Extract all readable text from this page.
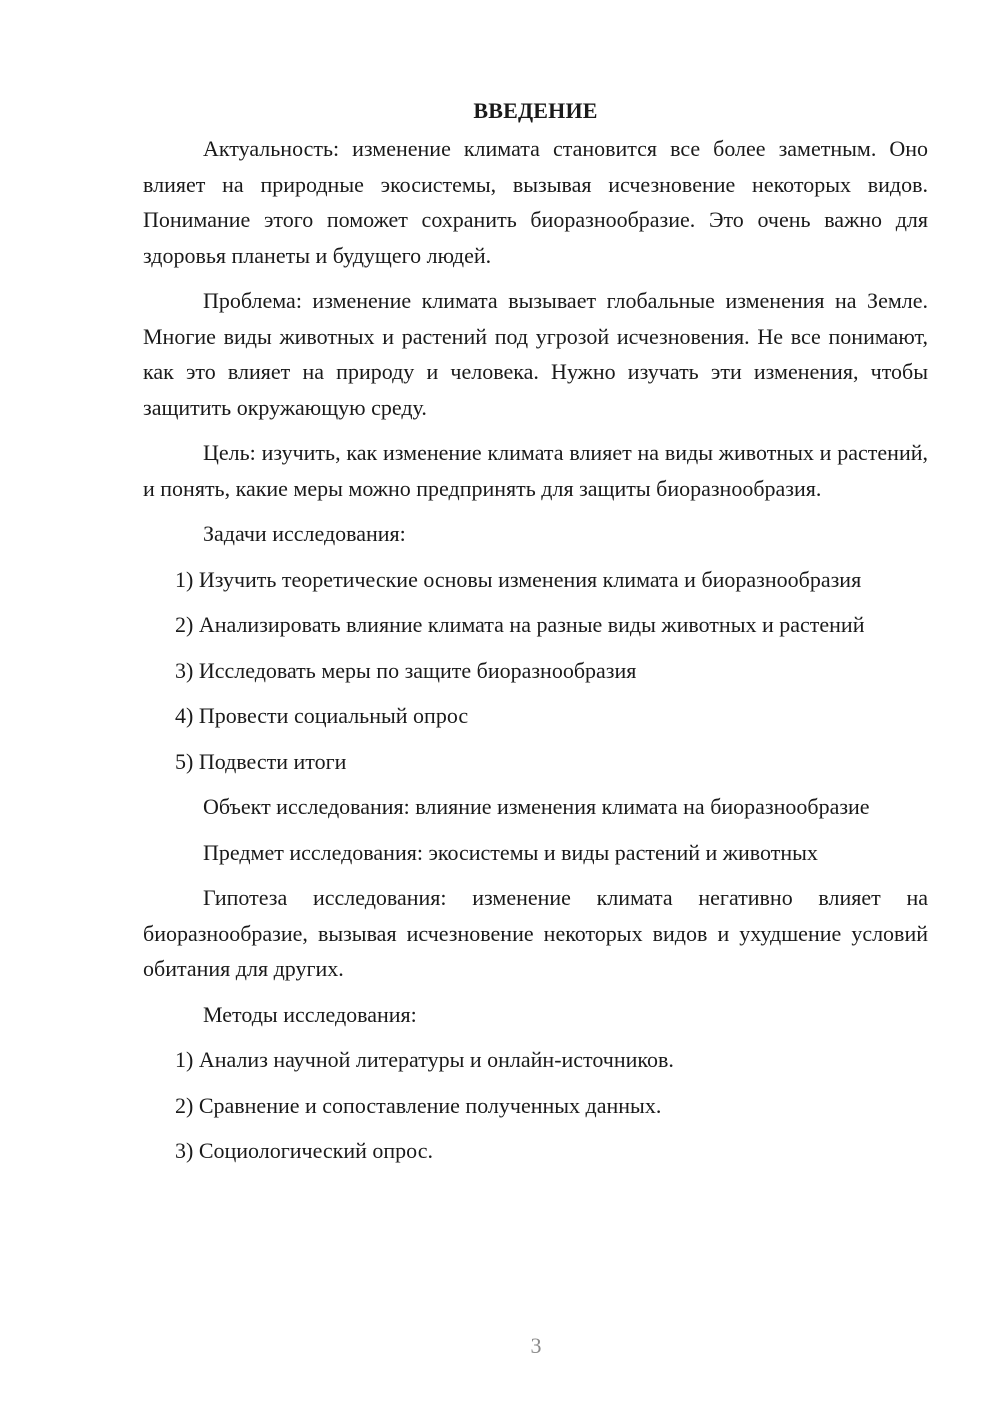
ВВЕДЕНИЕ

Актуальность: изменение климата становится все более заметным. Оно влияет на природные экосистемы, вызывая исчезновение некоторых видов. Понимание этого поможет сохранить биоразнообразие. Это очень важно для здоровья планеты и будущего людей.

Проблема: изменение климата вызывает глобальные изменения на Земле. Многие виды животных и растений под угрозой исчезновения. Не все понимают, как это влияет на природу и человека. Нужно изучать эти изменения, чтобы защитить окружающую среду.

Цель: изучить, как изменение климата влияет на виды животных и растений, и понять, какие меры можно предпринять для защиты биоразнообразия.

Задачи исследования:

1) Изучить теоретические основы изменения климата и биоразнообразия

2) Анализировать влияние климата на разные виды животных и растений

3) Исследовать меры по защите биоразнообразия

4) Провести социальный опрос

5) Подвести итоги

Объект исследования: влияние изменения климата на биоразнообразие

Предмет исследования: экосистемы и виды растений и животных

Гипотеза исследования: изменение климата негативно влияет на биоразнообразие, вызывая исчезновение некоторых видов и ухудшение условий обитания для других.

Методы исследования:

1) Анализ научной литературы и онлайн-источников.

2) Сравнение и сопоставление полученных данных.

3) Социологический опрос.

3
